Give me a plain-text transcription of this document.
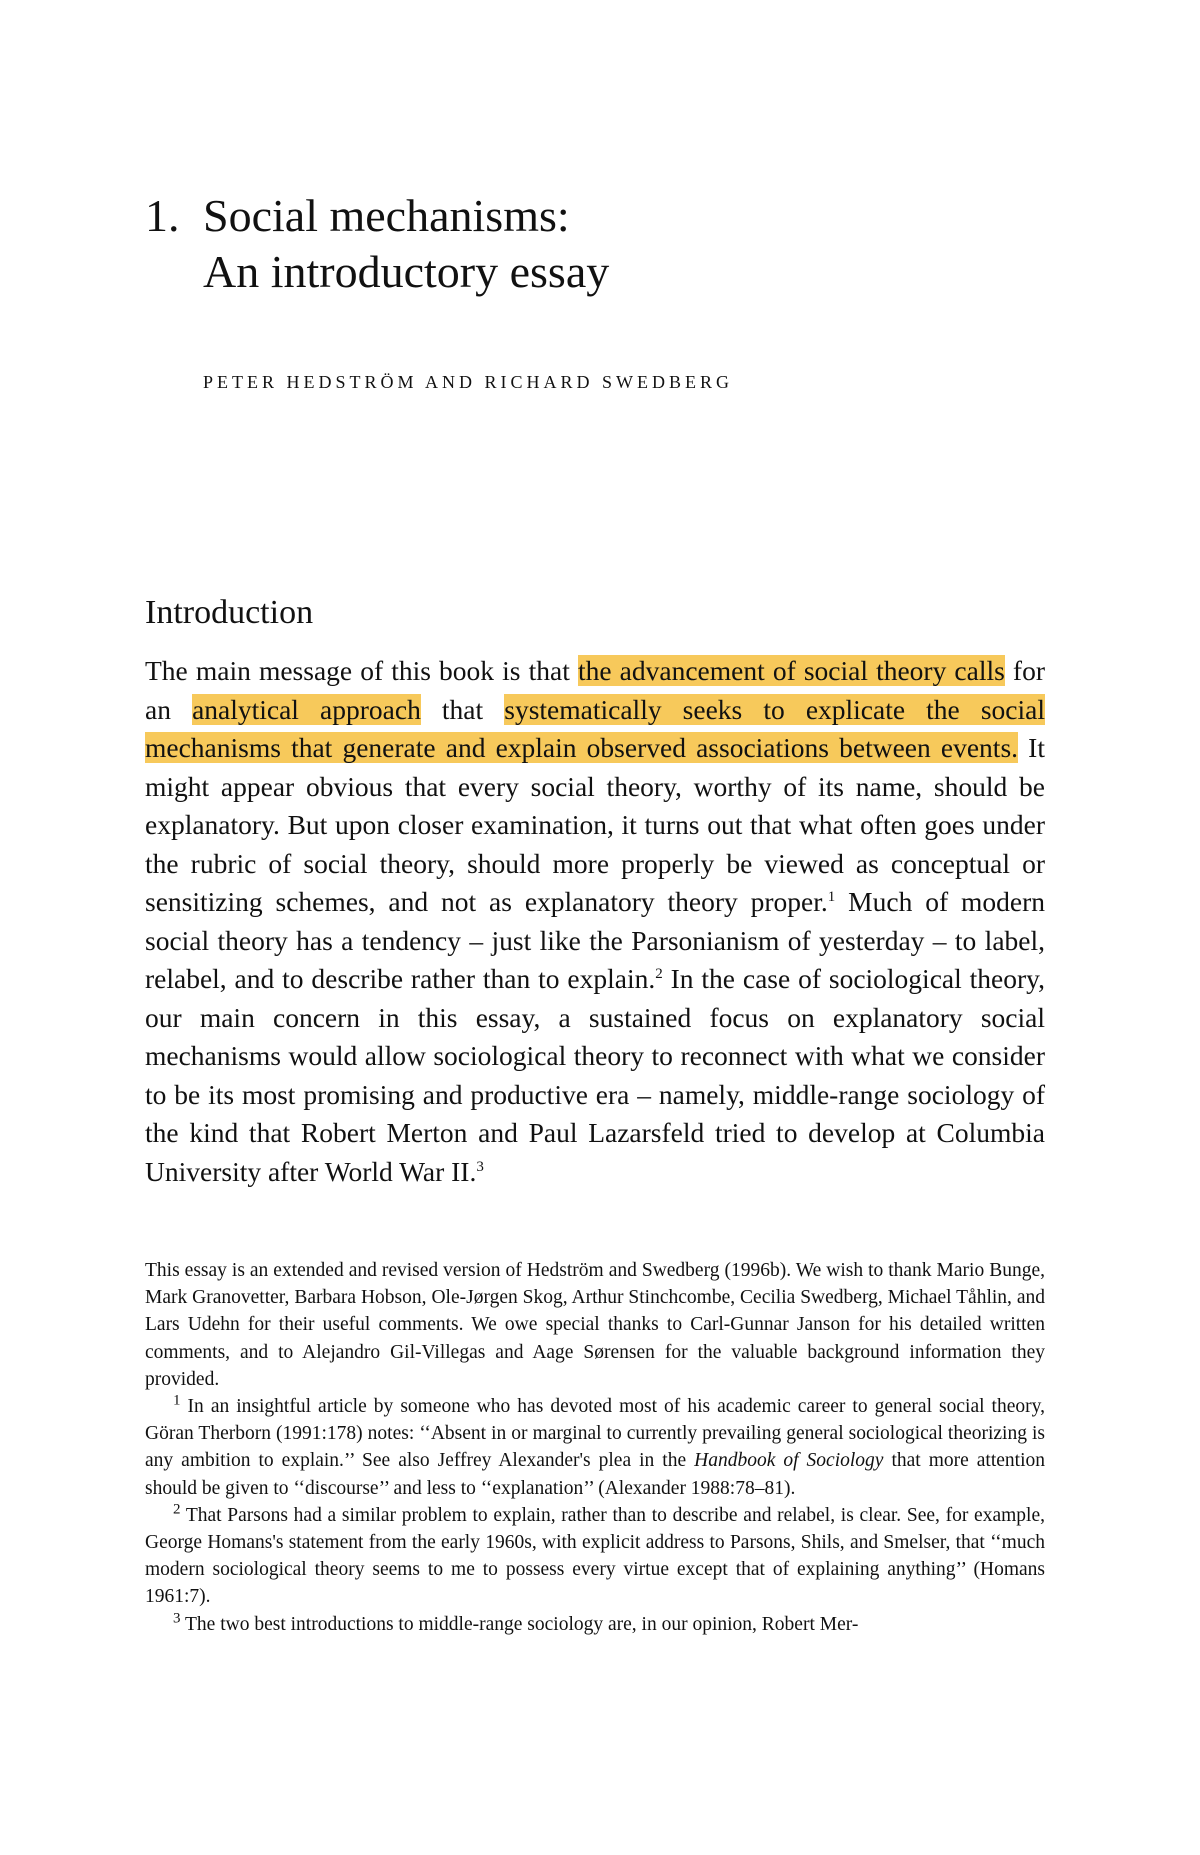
1. Social mechanisms:
An introductory essay

PETER HEDSTRÖM AND RICHARD SWEDBERG

Introduction

The main message of this book is that the advancement of social theory calls for an analytical approach that systematically seeks to explicate the social mechanisms that generate and explain observed associations between events. It might appear obvious that every social theory, worthy of its name, should be explanatory. But upon closer examination, it turns out that what often goes under the rubric of social theory, should more properly be viewed as conceptual or sensitizing schemes, and not as explanatory theory proper.$^1$ Much of modern social theory has a tendency – just like the Parsonianism of yesterday – to label, relabel, and to describe rather than to explain.$^2$ In the case of sociological theory, our main concern in this essay, a sustained focus on explanatory social mechanisms would allow sociological theory to reconnect with what we consider to be its most promising and productive era – namely, middle-range sociology of the kind that Robert Merton and Paul Lazarsfeld tried to develop at Columbia University after World War II.$^3$

This essay is an extended and revised version of Hedström and Swedberg (1996b). We wish to thank Mario Bunge, Mark Granovetter, Barbara Hobson, Ole-Jørgen Skog, Arthur Stinchcombe, Cecilia Swedberg, Michael Tåhlin, and Lars Udehn for their useful comments. We owe special thanks to Carl-Gunnar Janson for his detailed written comments, and to Alejandro Gil-Villegas and Aage Sørensen for the valuable background information they provided.

$^1$ In an insightful article by someone who has devoted most of his academic career to general social theory, Göran Therborn (1991:178) notes: ‘‘Absent in or marginal to currently prevailing general sociological theorizing is any ambition to explain.’’ See also Jeffrey Alexander's plea in the Handbook of Sociology that more attention should be given to ‘‘discourse’’ and less to ‘‘explanation’’ (Alexander 1988:78–81).

$^2$ That Parsons had a similar problem to explain, rather than to describe and relabel, is clear. See, for example, George Homans's statement from the early 1960s, with explicit address to Parsons, Shils, and Smelser, that ‘‘much modern sociological theory seems to me to possess every virtue except that of explaining anything’’ (Homans 1961:7).

$^3$ The two best introductions to middle-range sociology are, in our opinion, Robert Mer-
